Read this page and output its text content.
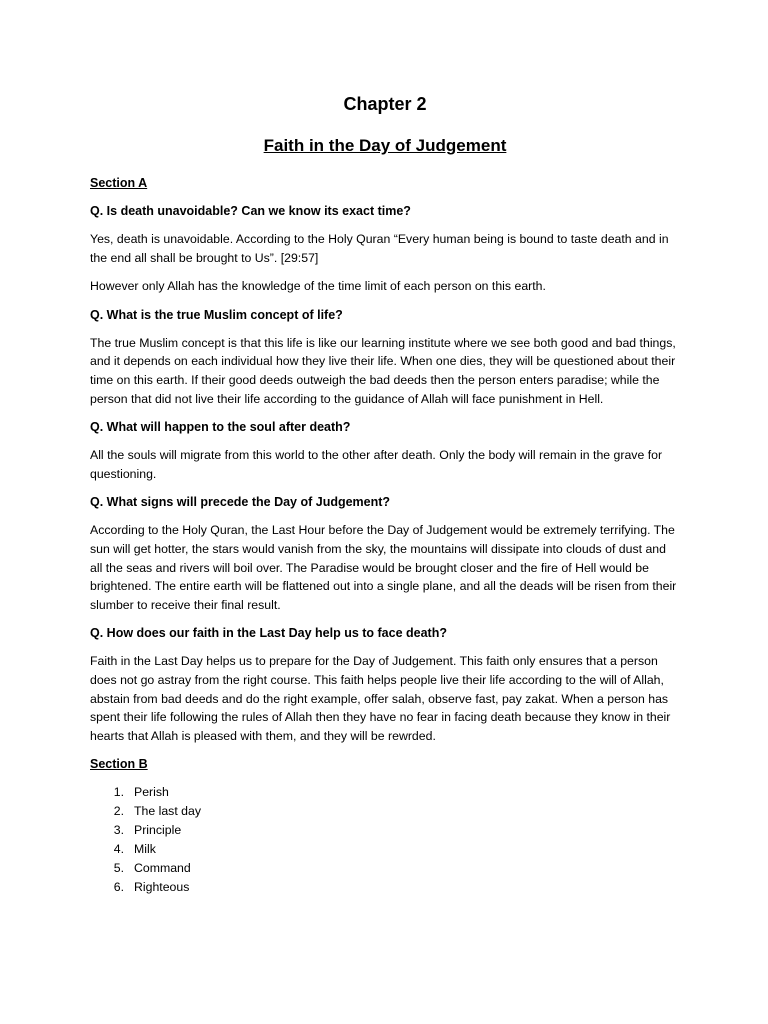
Chapter 2
Faith in the Day of Judgement
Section A
Q. Is death unavoidable? Can we know its exact time?

Yes, death is unavoidable. According to the Holy Quran “Every human being is bound to taste death and in the end all shall be brought to Us”. [29:57]

However only Allah has the knowledge of the time limit of each person on this earth.

Q. What is the true Muslim concept of life?

The true Muslim concept is that this life is like our learning institute where we see both good and bad things, and it depends on each individual how they live their life. When one dies, they will be questioned about their time on this earth. If their good deeds outweigh the bad deeds then the person enters paradise; while the person that did not live their life according to the guidance of Allah will face punishment in Hell.

Q. What will happen to the soul after death?

All the souls will migrate from this world to the other after death. Only the body will remain in the grave for questioning.

Q. What signs will precede the Day of Judgement?

According to the Holy Quran, the Last Hour before the Day of Judgement would be extremely terrifying. The sun will get hotter, the stars would vanish from the sky, the mountains will dissipate into clouds of dust and all the seas and rivers will boil over. The Paradise would be brought closer and the fire of Hell would be brightened. The entire earth will be flattened out into a single plane, and all the deads will be risen from their slumber to receive their final result.

Q. How does our faith in the Last Day help us to face death?

Faith in the Last Day helps us to prepare for the Day of Judgement. This faith only ensures that a person does not go astray from the right course. This faith helps people live their life according to the will of Allah, abstain from bad deeds and do the right example, offer salah, observe fast, pay zakat. When a person has spent their life following the rules of Allah then they have no fear in facing death because they know in their hearts that Allah is pleased with them, and they will be rewrded.

Section B
1. Perish
2. The last day
3. Principle
4. Milk
5. Command
6. Righteous
